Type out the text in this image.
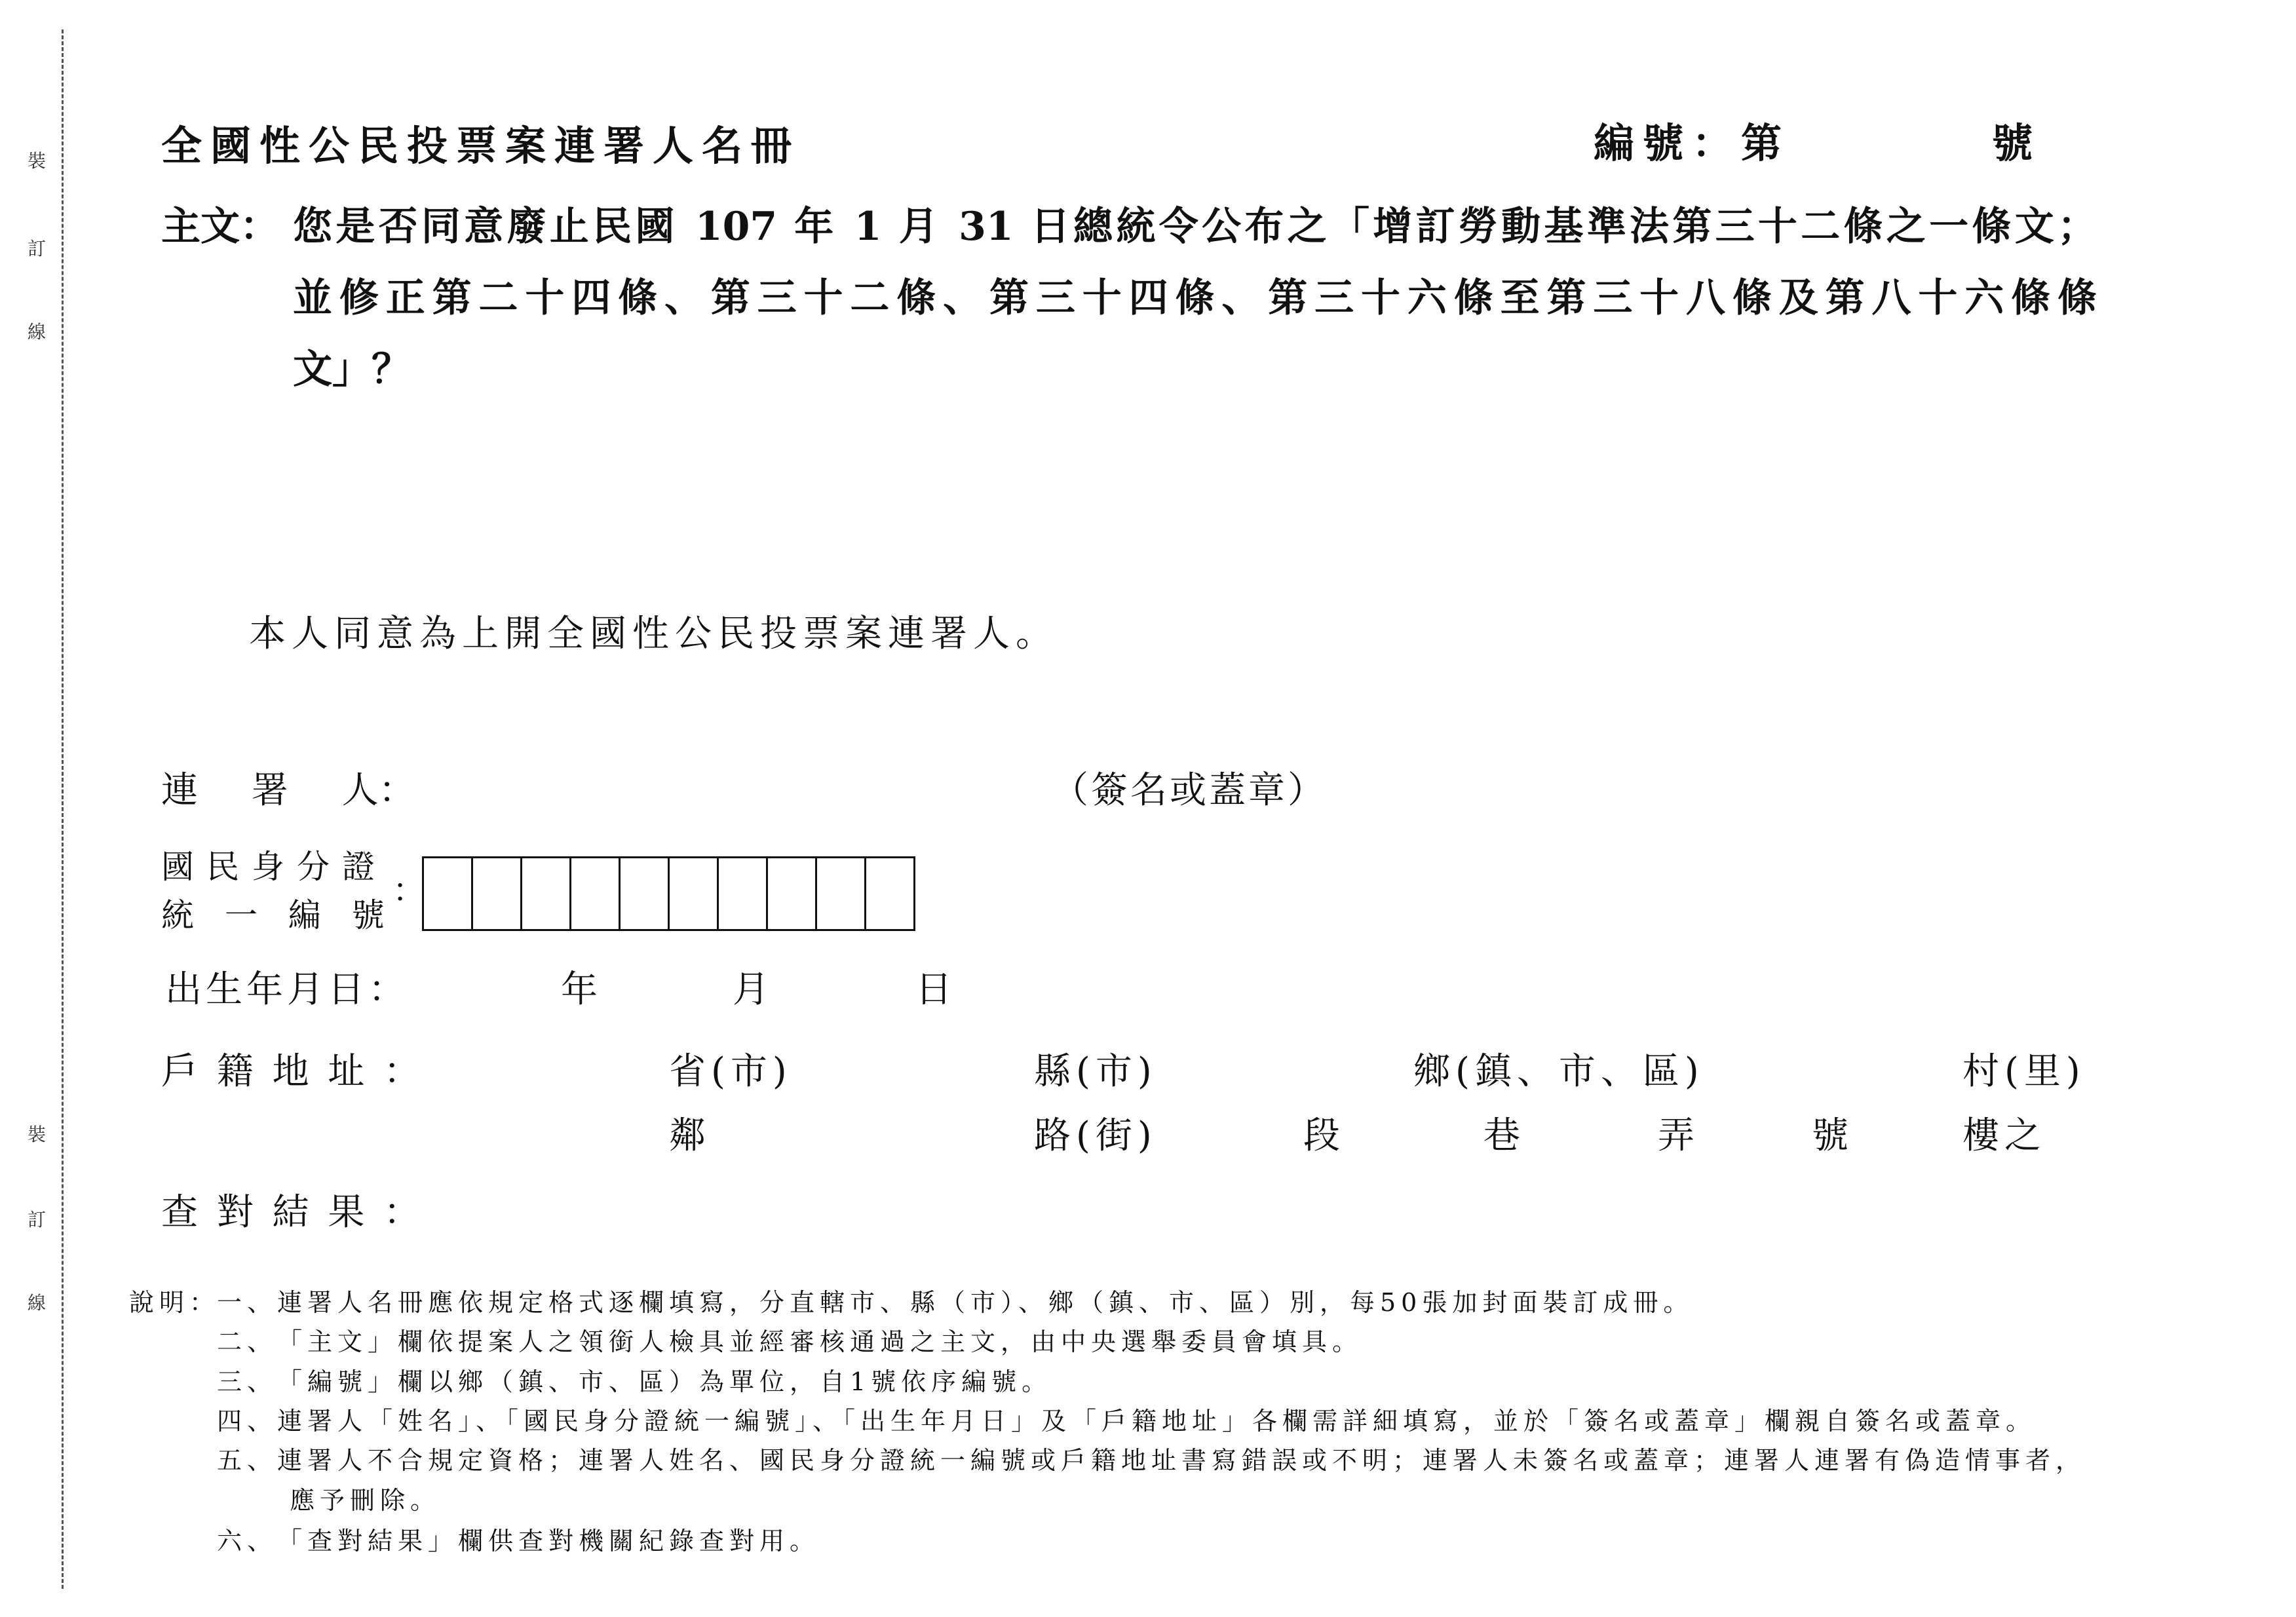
裝
訂
線
裝
訂
線
全國性公民投票案連署人名冊	編號：第	號
主文： 您是否同意廢止民國 107 年 1 月 31 日總統令公布之「增訂勞動基準法第三十二條之一條文；
並修正第二十四條、第三十二條、第三十四條、第三十六條至第三十八條及第八十六條條
文」？
本人同意為上開全國性公民投票案連署人。
連 署 人：	（簽名或蓋章）
國民身分證
統 一 編 號
：
出生年月日：	年	月	日
戶 籍 地 址 ：	省(市)	縣(市)	鄉(鎮、市、區)	村(里)
鄰	路(街)	段	巷	弄	號	樓之
查 對 結 果 ：
說明：
一、 連署人名冊應依規定格式逐欄填寫，分直轄市、縣（市）、鄉（鎮、市、區）別，每50張加封面裝訂成冊。
二、 「主文」欄依提案人之領銜人檢具並經審核通過之主文，由中央選舉委員會填具。
三、 「編號」欄以鄉（鎮、市、區）為單位，自1號依序編號。
四、 連署人「姓名」、「國民身分證統一編號」、「出生年月日」及「戶籍地址」各欄需詳細填寫，並於「簽名或蓋章」欄親自簽名或蓋章。
五、 連署人不合規定資格；連署人姓名、國民身分證統一編號或戶籍地址書寫錯誤或不明；連署人未簽名或蓋章；連署人連署有偽造情事者，
應予刪除。
六、 「查對結果」欄供查對機關紀錄查對用。
